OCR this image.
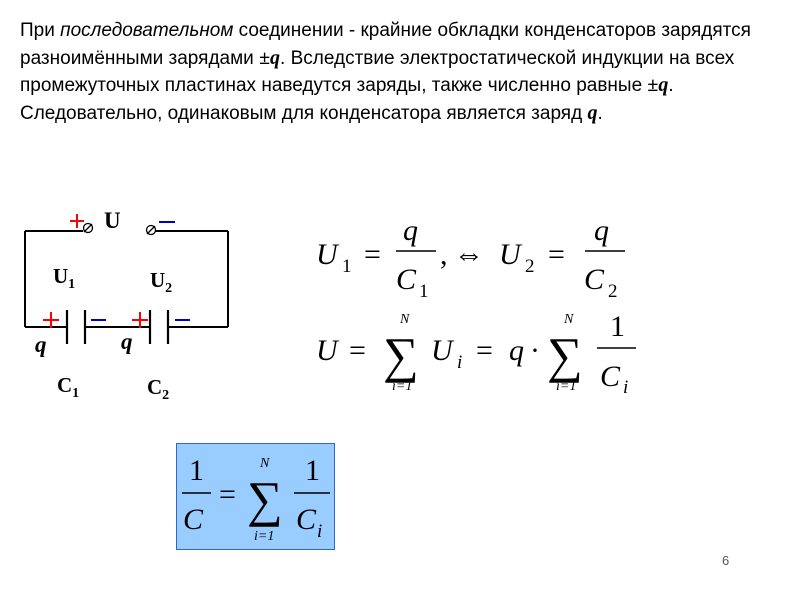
При последовательном соединении - крайние обкладки конденсаторов зарядятся разноимёнными зарядами ±q. Вследствие электростатической индукции на всех промежуточных пластинах наведутся заряды, также численно равные ±q. Следовательно, одинаковым для конденсатора является заряд q.

U
$U_1$	$U_2$
q	q
$C_1$	$C_2$
U 1 =
q
C 1
, ⇔ U 2 =
q
C 2
U =
N
∑
i=1
U i = q ·
N
∑
i=1
1
C i
1
C
=
N
∑
i=1
1
C i
6
